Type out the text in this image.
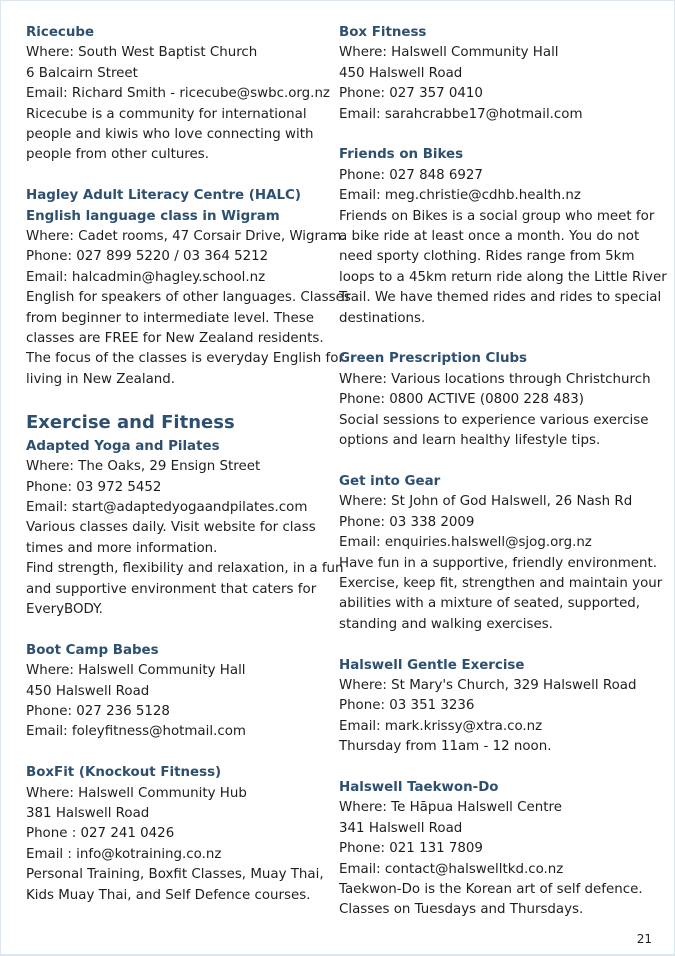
Ricecube
Where: South West Baptist Church
6 Balcairn Street
Email: Richard Smith - ricecube@swbc.org.nz
Ricecube is a community for international
people and kiwis who love connecting with
people from other cultures.
Hagley Adult Literacy Centre (HALC)
English language class in Wigram
Where: Cadet rooms, 47 Corsair Drive, Wigram.
Phone: 027 899 5220 / 03 364 5212
Email: halcadmin@hagley.school.nz
English for speakers of other languages. Classes
from beginner to intermediate level. These
classes are FREE for New Zealand residents.
The focus of the classes is everyday English for
living in New Zealand.
Exercise and Fitness
Adapted Yoga and Pilates
Where: The Oaks, 29 Ensign Street
Phone: 03 972 5452
Email: start@adaptedyogaandpilates.com
Various classes daily. Visit website for class
times and more information.
Find strength, flexibility and relaxation, in a fun
and supportive environment that caters for
EveryBODY.
Boot Camp Babes
Where: Halswell Community Hall
450 Halswell Road
Phone: 027 236 5128
Email: foleyfitness@hotmail.com
BoxFit (Knockout Fitness)
Where: Halswell Community Hub
381 Halswell Road
Phone : 027 241 0426
Email : info@kotraining.co.nz
Personal Training, Boxfit Classes, Muay Thai,
Kids Muay Thai, and Self Defence courses.
Box Fitness
Where: Halswell Community Hall
450 Halswell Road
Phone: 027 357 0410
Email: sarahcrabbe17@hotmail.com
Friends on Bikes
Phone: 027 848 6927
Email: meg.christie@cdhb.health.nz
Friends on Bikes is a social group who meet for
a bike ride at least once a month. You do not
need sporty clothing. Rides range from 5km
loops to a 45km return ride along the Little River
Trail. We have themed rides and rides to special
destinations.
Green Prescription Clubs
Where: Various locations through Christchurch
Phone: 0800 ACTIVE (0800 228 483)
Social sessions to experience various exercise
options and learn healthy lifestyle tips.
Get into Gear
Where: St John of God Halswell, 26 Nash Rd
Phone: 03 338 2009
Email: enquiries.halswell@sjog.org.nz
Have fun in a supportive, friendly environment.
Exercise, keep fit, strengthen and maintain your
abilities with a mixture of seated, supported,
standing and walking exercises.
Halswell Gentle Exercise
Where: St Mary's Church, 329 Halswell Road
Phone: 03 351 3236
Email: mark.krissy@xtra.co.nz
Thursday from 11am - 12 noon.
Halswell Taekwon-Do
Where: Te Hāpua Halswell Centre
341 Halswell Road
Phone: 021 131 7809
Email: contact@halswelltkd.co.nz
Taekwon-Do is the Korean art of self defence.
Classes on Tuesdays and Thursdays.
21
